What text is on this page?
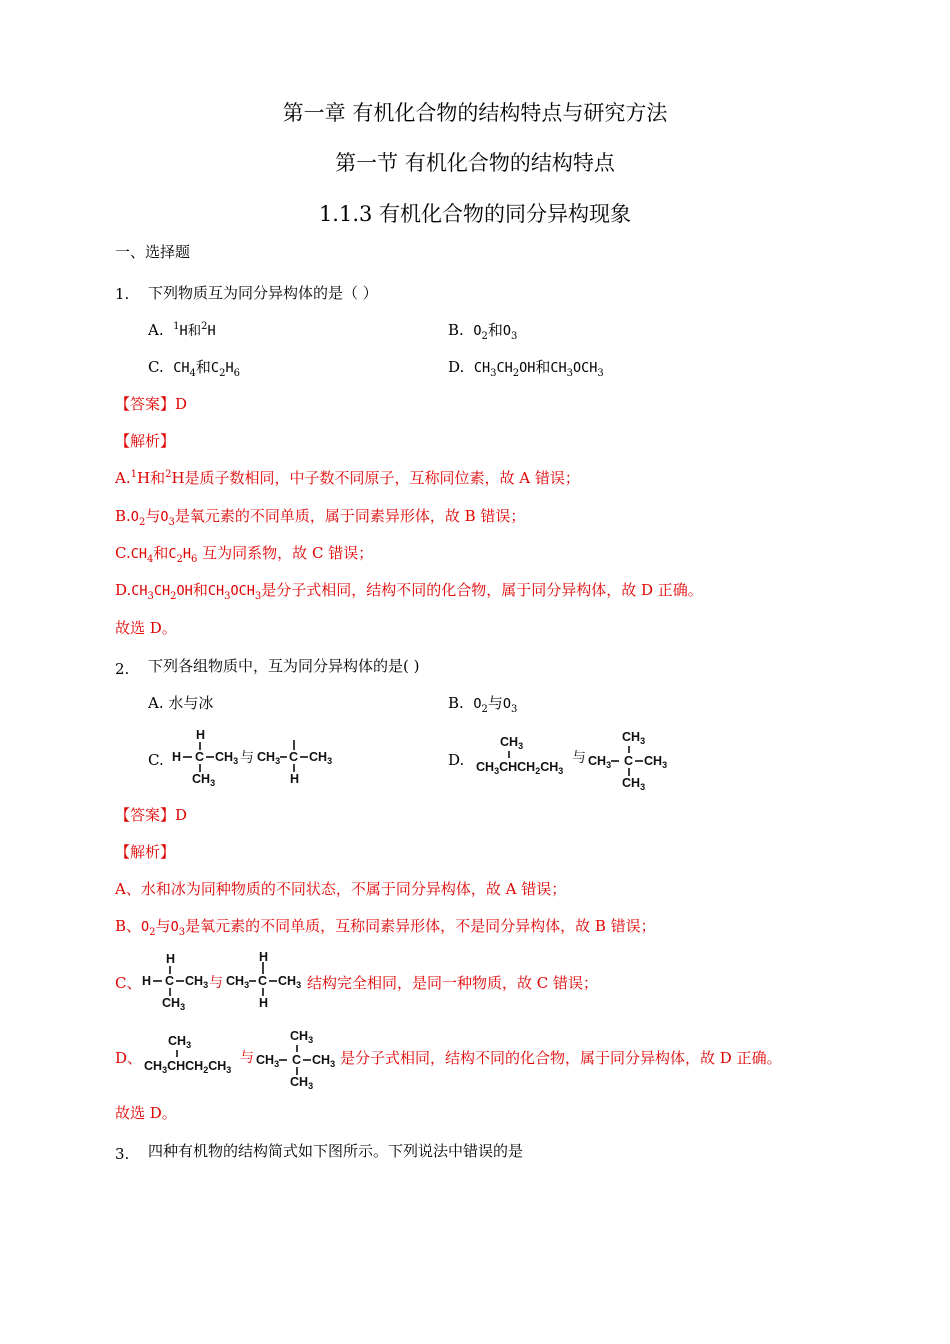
第一章 有机化合物的结构特点与研究方法
第一节 有机化合物的结构特点
1.1.3 有机化合物的同分异构现象
一、选择题
1. 下列物质互为同分异构体的是（ ）
A. $^1$H和$^2$H	B. $O_2$和$O_3$
C. $CH_4$和$C_2H_6$	D. $CH_3CH_2OH$和$CH_3OCH_3$
【答案】D
【解析】
A.$^1$H和$^2$H是质子数相同，中子数不同原子，互称同位素，故 A 错误；
$B.O_2$与$O_3$是氧元素的不同单质，属于同素异形体，故 B 错误；
$C.CH_4$和$C_2H_6$ 互为同系物，故 C 错误；
$D.CH_3CH_2OH$和$CH_3OCH_3$是分子式相同，结构不同的化合物，属于同分异构体，故 D 正确。
故选 D。
2. 下列各组物质中，互为同分异构体的是( )
A. 水与冰	B. $O_2$与$O_3$
C.
H
H C $CH_3$
$CH_3$
与 $CH_3$ C $CH_3$
H
D.
$CH_3$
$CH_3CHCH_2CH_3$
与
$CH_3$
$CH_3$ C $CH_3$
$CH_3$
【答案】D
【解析】
A、水和冰为同种物质的不同状态，不属于同分异构体，故 A 错误；
B、$O_2$与$O_3$是氧元素的不同单质，互称同素异形体，不是同分异构体，故 B 错误；
C、
H
H C $CH_3$
$CH_3$
与 $CH_3$ C
H
$CH_3$
H
结构完全相同，是同一种物质，故 C 错误；
D、
$CH_3$
$CH_3CHCH_2CH_3$
与
$CH_3$
$CH_3$ C $CH_3$
$CH_3$
是分子式相同，结构不同的化合物，属于同分异构体，故 D 正确。
故选 D。
3. 四种有机物的结构简式如下图所示。下列说法中错误的是
